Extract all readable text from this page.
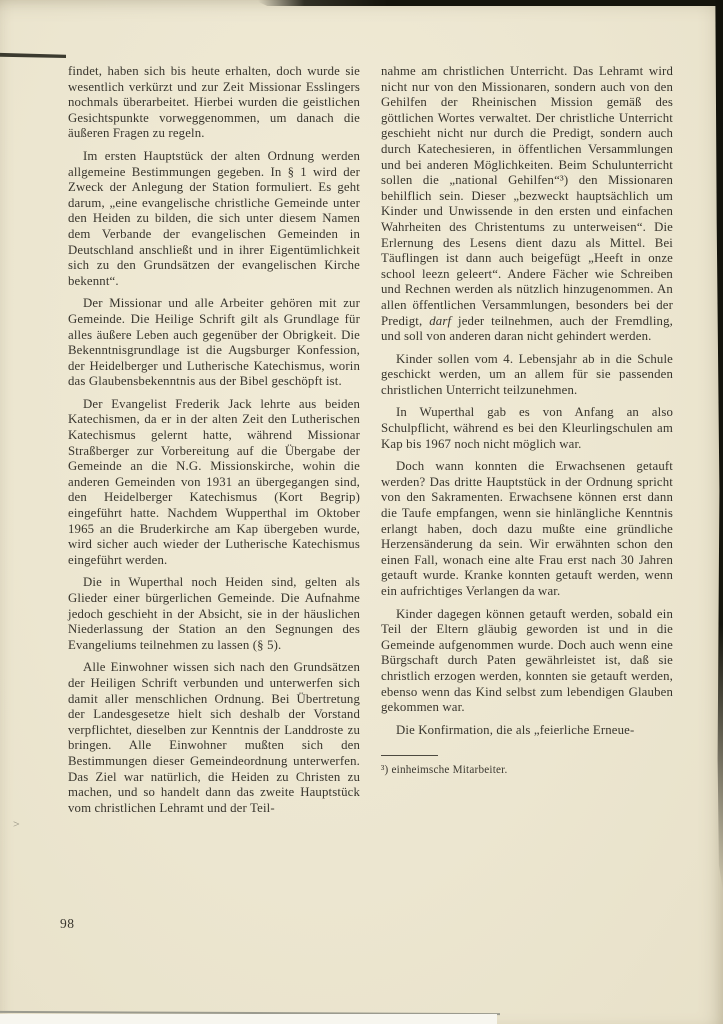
findet, haben sich bis heute erhalten, doch wurde sie wesentlich verkürzt und zur Zeit Missionar Esslingers nochmals überarbeitet. Hierbei wurden die geistlichen Gesichtspunkte vorweggenommen, um danach die äußeren Fragen zu regeln.

Im ersten Hauptstück der alten Ordnung werden allgemeine Bestimmungen gegeben. In § 1 wird der Zweck der Anlegung der Station formuliert. Es geht darum, „eine evangelische christliche Gemeinde unter den Heiden zu bilden, die sich unter diesem Namen dem Verbande der evangelischen Gemeinden in Deutschland anschließt und in ihrer Eigentümlichkeit sich zu den Grundsätzen der evangelischen Kirche bekennt“.

Der Missionar und alle Arbeiter gehören mit zur Gemeinde. Die Heilige Schrift gilt als Grundlage für alles äußere Leben auch gegenüber der Obrigkeit. Die Bekenntnisgrundlage ist die Augsburger Konfession, der Heidelberger und Lutherische Katechismus, worin das Glaubensbekenntnis aus der Bibel geschöpft ist.

Der Evangelist Frederik Jack lehrte aus beiden Katechismen, da er in der alten Zeit den Lutherischen Katechismus gelernt hatte, während Missionar Straßberger zur Vorbereitung auf die Übergabe der Gemeinde an die N.G. Missionskirche, wohin die anderen Gemeinden von 1931 an übergegangen sind, den Heidelberger Katechismus (Kort Begrip) eingeführt hatte. Nachdem Wupperthal im Oktober 1965 an die Bruderkirche am Kap übergeben wurde, wird sicher auch wieder der Lutherische Katechismus eingeführt werden.

Die in Wuperthal noch Heiden sind, gelten als Glieder einer bürgerlichen Gemeinde. Die Aufnahme jedoch geschieht in der Absicht, sie in der häuslichen Niederlassung der Station an den Segnungen des Evangeliums teilnehmen zu lassen (§ 5).

Alle Einwohner wissen sich nach den Grundsätzen der Heiligen Schrift verbunden und unterwerfen sich damit aller menschlichen Ordnung. Bei Übertretung der Landesgesetze hielt sich deshalb der Vorstand verpflichtet, dieselben zur Kenntnis der Landdroste zu bringen. Alle Einwohner mußten sich den Bestimmungen dieser Gemeindeordnung unterwerfen. Das Ziel war natürlich, die Heiden zu Christen zu machen, und so handelt dann das zweite Hauptstück vom christlichen Lehramt und der Teil-

nahme am christlichen Unterricht. Das Lehramt wird nicht nur von den Missionaren, sondern auch von den Gehilfen der Rheinischen Mission gemäß des göttlichen Wortes verwaltet. Der christliche Unterricht geschieht nicht nur durch die Predigt, sondern auch durch Katechesieren, in öffentlichen Versammlungen und bei anderen Möglichkeiten. Beim Schulunterricht sollen die „national Gehilfen“³) den Missionaren behilflich sein. Dieser „bezweckt hauptsächlich um Kinder und Unwissende in den ersten und einfachen Wahrheiten des Christentums zu unterweisen“. Die Erlernung des Lesens dient dazu als Mittel. Bei Täuflingen ist dann auch beigefügt „Heeft in onze school leezn geleert“. Andere Fächer wie Schreiben und Rechnen werden als nützlich hinzugenommen. An allen öffentlichen Versammlungen, besonders bei der Predigt, darf jeder teilnehmen, auch der Fremdling, und soll von anderen daran nicht gehindert werden.

Kinder sollen vom 4. Lebensjahr ab in die Schule geschickt werden, um an allem für sie passenden christlichen Unterricht teilzunehmen.

In Wuperthal gab es von Anfang an also Schulpflicht, während es bei den Kleurlingschulen am Kap bis 1967 noch nicht möglich war.

Doch wann konnten die Erwachsenen getauft werden? Das dritte Hauptstück in der Ordnung spricht von den Sakramenten. Erwachsene können erst dann die Taufe empfangen, wenn sie hinlängliche Kenntnis erlangt haben, doch dazu mußte eine gründliche Herzensänderung da sein. Wir erwähnten schon den einen Fall, wonach eine alte Frau erst nach 30 Jahren getauft wurde. Kranke konnten getauft werden, wenn ein aufrichtiges Verlangen da war.

Kinder dagegen können getauft werden, sobald ein Teil der Eltern gläubig geworden ist und in die Gemeinde aufgenommen wurde. Doch auch wenn eine Bürgschaft durch Paten gewährleistet ist, daß sie christlich erzogen werden, konnten sie getauft werden, ebenso wenn das Kind selbst zum lebendigen Glauben gekommen war.

Die Konfirmation, die als „feierliche Erneue-

³) einheimsche Mitarbeiter.
>
98
